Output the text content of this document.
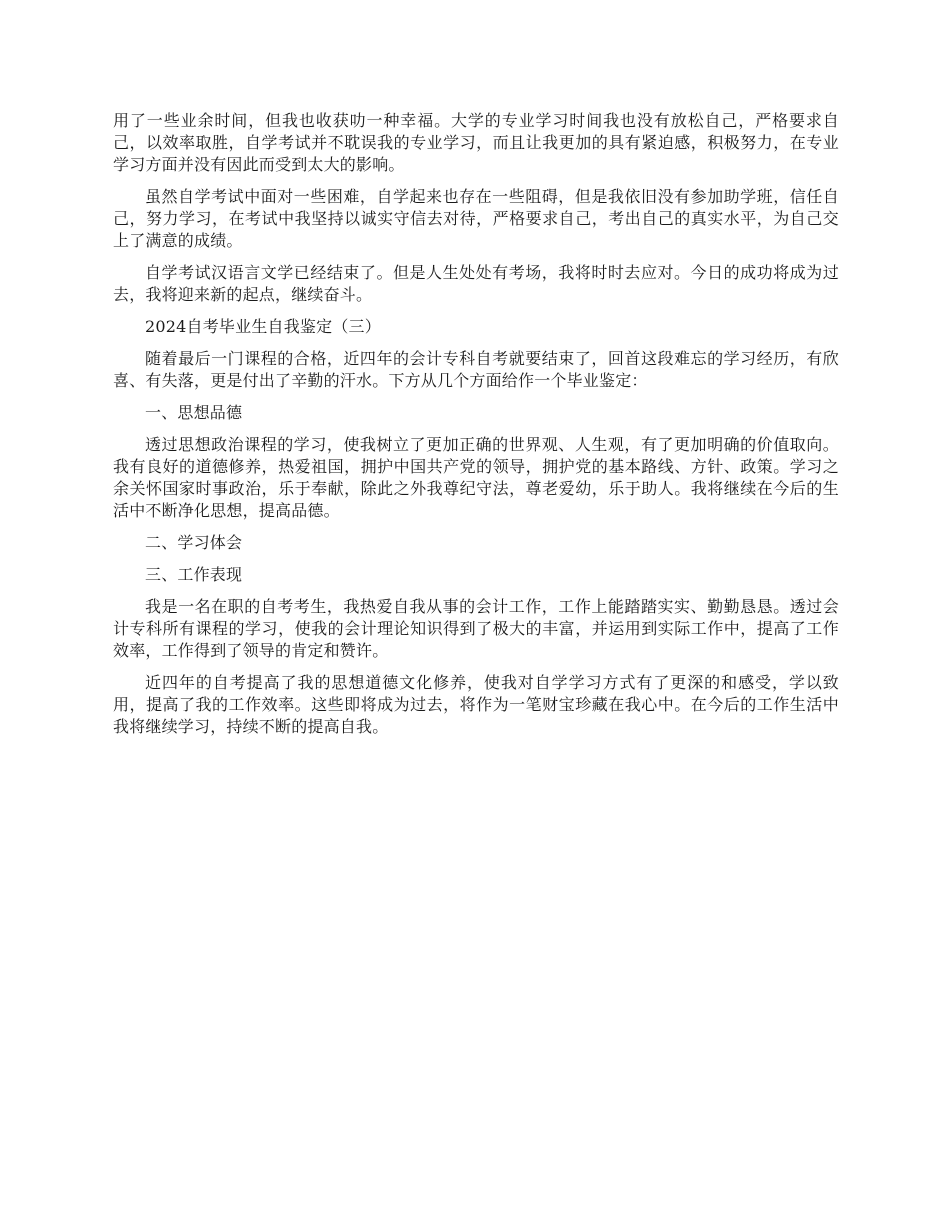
用了一些业余时间，但我也收获叻一种幸福。大学的专业学习时间我也没有放松自己，严格要求自己，以效率取胜，自学考试并不耽误我的专业学习，而且让我更加的具有紧迫感，积极努力，在专业学习方面并没有因此而受到太大的影响。

虽然自学考试中面对一些困难，自学起来也存在一些阻碍，但是我依旧没有参加助学班，信任自己，努力学习，在考试中我坚持以诚实守信去对待，严格要求自己，考出自己的真实水平，为自己交上了满意的成绩。

自学考试汉语言文学已经结束了。但是人生处处有考场，我将时时去应对。今日的成功将成为过去，我将迎来新的起点，继续奋斗。

2024自考毕业生自我鉴定（三）

随着最后一门课程的合格，近四年的会计专科自考就要结束了，回首这段难忘的学习经历，有欣喜、有失落，更是付出了辛勤的汗水。下方从几个方面给作一个毕业鉴定：

一、思想品德

透过思想政治课程的学习，使我树立了更加正确的世界观、人生观，有了更加明确的价值取向。我有良好的道德修养，热爱祖国，拥护中国共产党的领导，拥护党的基本路线、方针、政策。学习之余关怀国家时事政治，乐于奉献，除此之外我尊纪守法，尊老爱幼，乐于助人。我将继续在今后的生活中不断净化思想，提高品德。

二、学习体会

三、工作表现

我是一名在职的自考考生，我热爱自我从事的会计工作，工作上能踏踏实实、勤勤恳恳。透过会计专科所有课程的学习，使我的会计理论知识得到了极大的丰富，并运用到实际工作中，提高了工作效率，工作得到了领导的肯定和赞许。

近四年的自考提高了我的思想道德文化修养，使我对自学学习方式有了更深的和感受，学以致用，提高了我的工作效率。这些即将成为过去，将作为一笔财宝珍藏在我心中。在今后的工作生活中我将继续学习，持续不断的提高自我。
